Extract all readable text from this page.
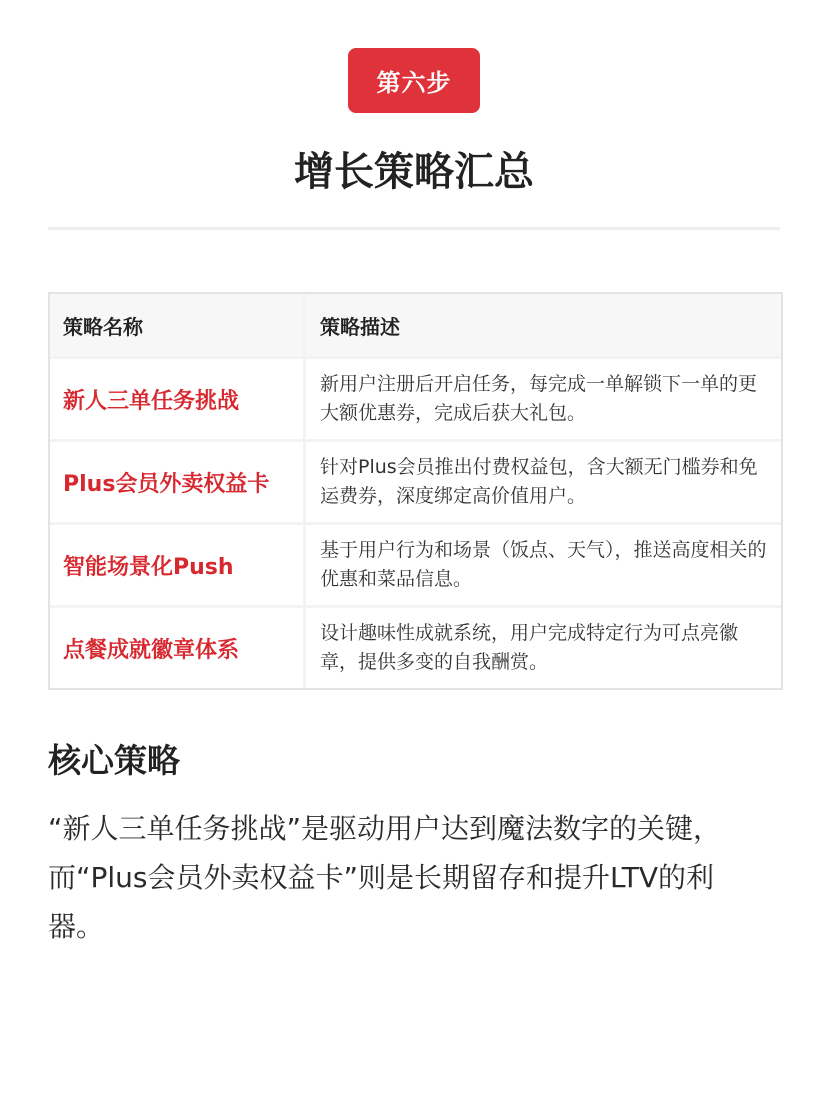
第六步
增长策略汇总
策略名称	策略描述
新人三单任务挑战
新用户注册后开启任务，每完成一单解锁下一单的更大额优惠券，完成后获大礼包。
Plus会员外卖权益卡
针对Plus会员推出付费权益包，含大额无门槛券和免运费券，深度绑定高价值用户。
智能场景化Push
基于用户行为和场景（饭点、天气），推送高度相关的优惠和菜品信息。
点餐成就徽章体系
设计趣味性成就系统，用户完成特定行为可点亮徽章，提供多变的自我酬赏。
核心策略
“新人三单任务挑战”是驱动用户达到魔法数字的关键，而“Plus会员外卖权益卡”则是长期留存和提升LTV的利器。
